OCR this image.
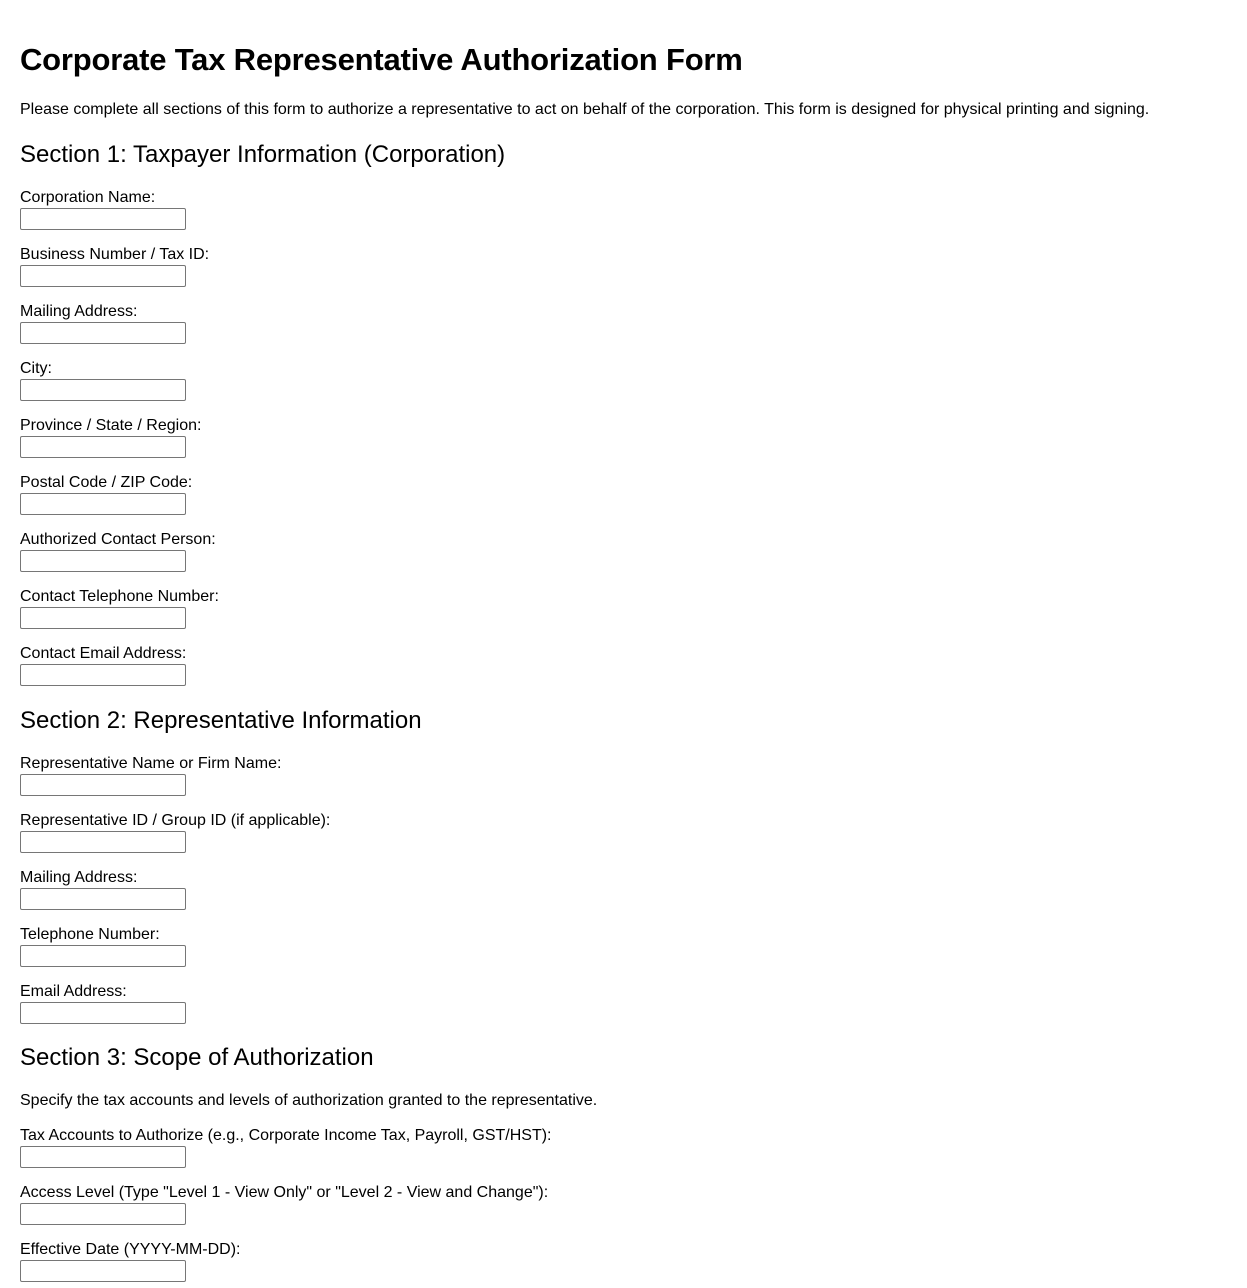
Corporate Tax Representative Authorization Form

Please complete all sections of this form to authorize a representative to act on behalf of the corporation. This form is designed for physical printing and signing.

Section 1: Taxpayer Information (Corporation)
Corporation Name:
Business Number / Tax ID:
Mailing Address:
City:
Province / State / Region:
Postal Code / ZIP Code:
Authorized Contact Person:
Contact Telephone Number:
Contact Email Address:
Section 2: Representative Information
Representative Name or Firm Name:
Representative ID / Group ID (if applicable):
Mailing Address:
Telephone Number:
Email Address:
Section 3: Scope of Authorization

Specify the tax accounts and levels of authorization granted to the representative.

Tax Accounts to Authorize (e.g., Corporate Income Tax, Payroll, GST/HST):
Access Level (Type "Level 1 - View Only" or "Level 2 - View and Change"):
Effective Date (YYYY-MM-DD):
